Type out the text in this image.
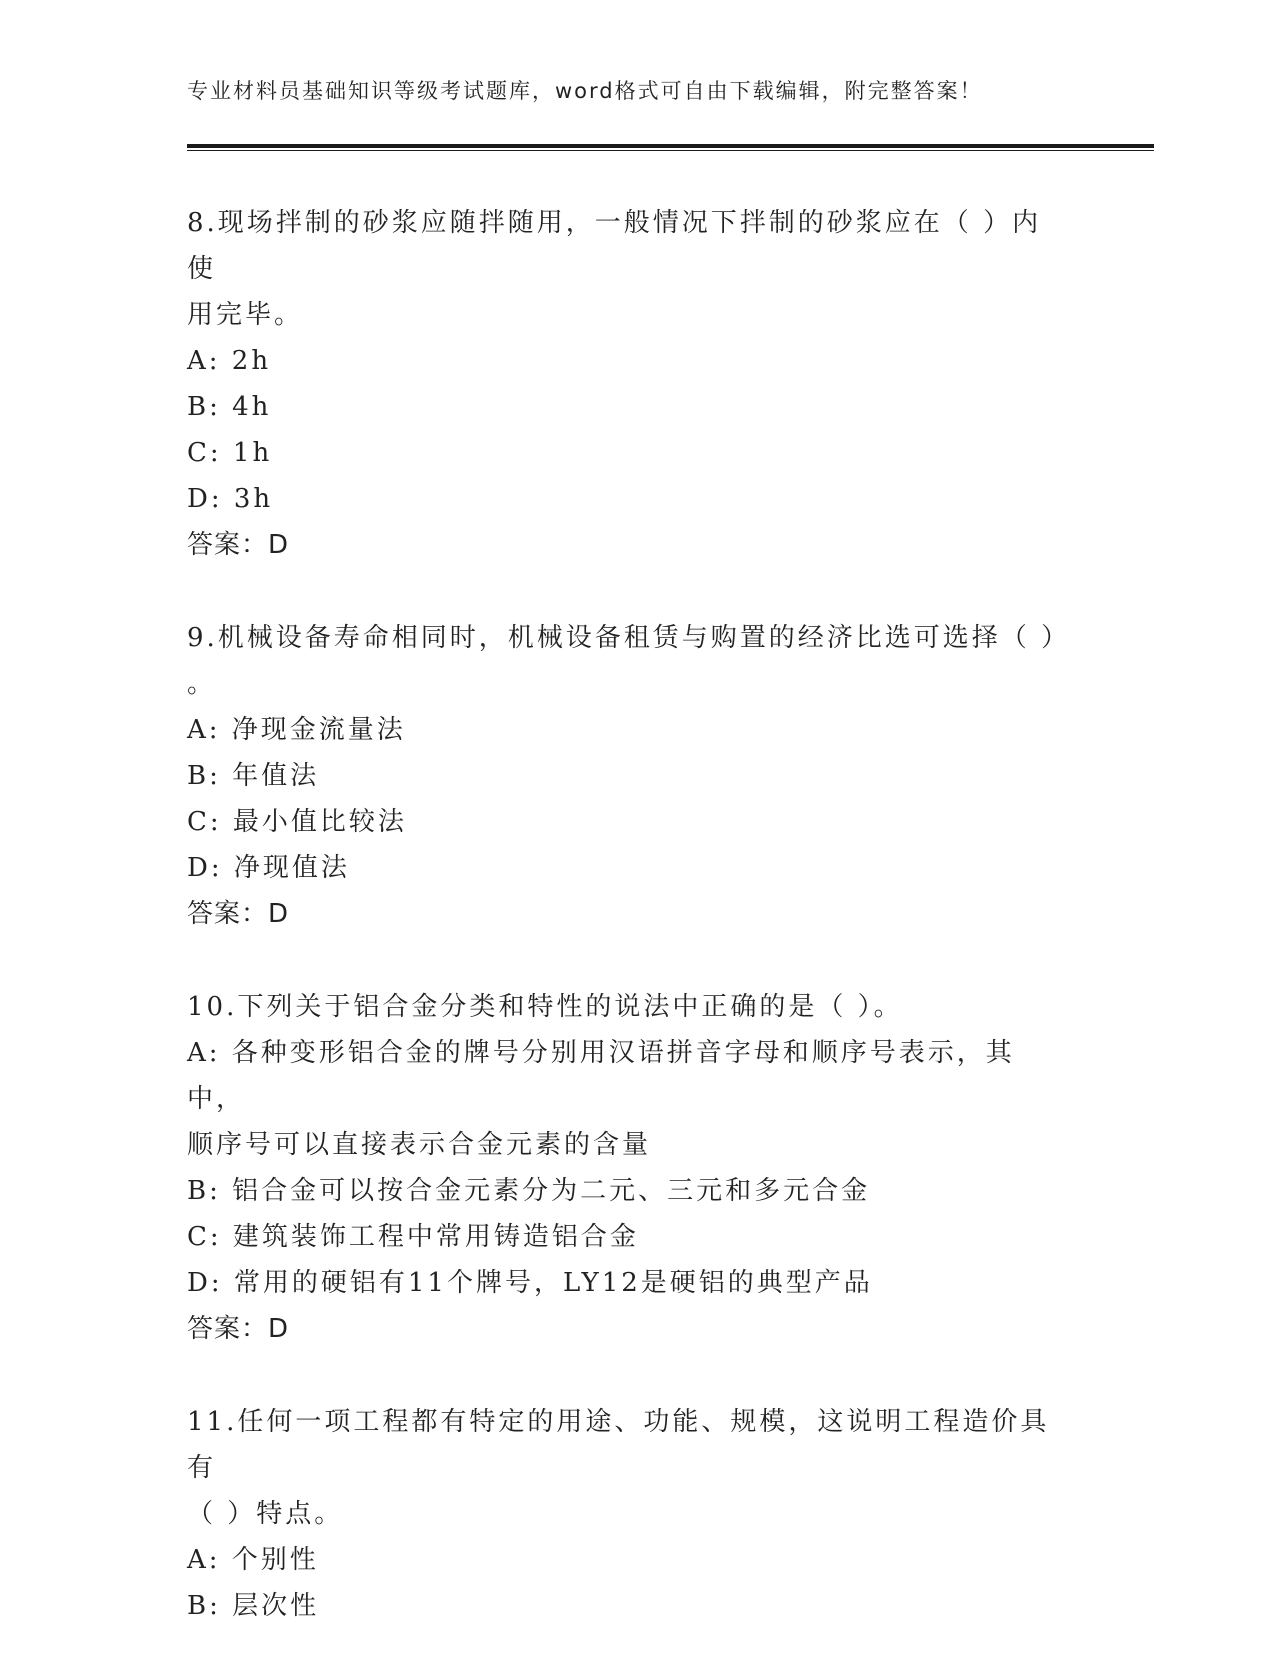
专业材料员基础知识等级考试题库，word格式可自由下载编辑，附完整答案！

8.现场拌制的砂浆应随拌随用，一般情况下拌制的砂浆应在（ ）内使

用完毕。

A: 2h

B: 4h

C: 1h

D: 3h

答案：D

9.机械设备寿命相同时，机械设备租赁与购置的经济比选可选择（ ）

。

A: 净现金流量法

B: 年值法

C: 最小值比较法

D: 净现值法

答案：D

10.下列关于铝合金分类和特性的说法中正确的是（ ）。

A: 各种变形铝合金的牌号分别用汉语拼音字母和顺序号表示，其中，

顺序号可以直接表示合金元素的含量

B: 铝合金可以按合金元素分为二元、三元和多元合金

C: 建筑装饰工程中常用铸造铝合金

D: 常用的硬铝有11个牌号，LY12是硬铝的典型产品

答案：D

11.任何一项工程都有特定的用途、功能、规模，这说明工程造价具有

（ ）特点。

A: 个别性

B: 层次性
